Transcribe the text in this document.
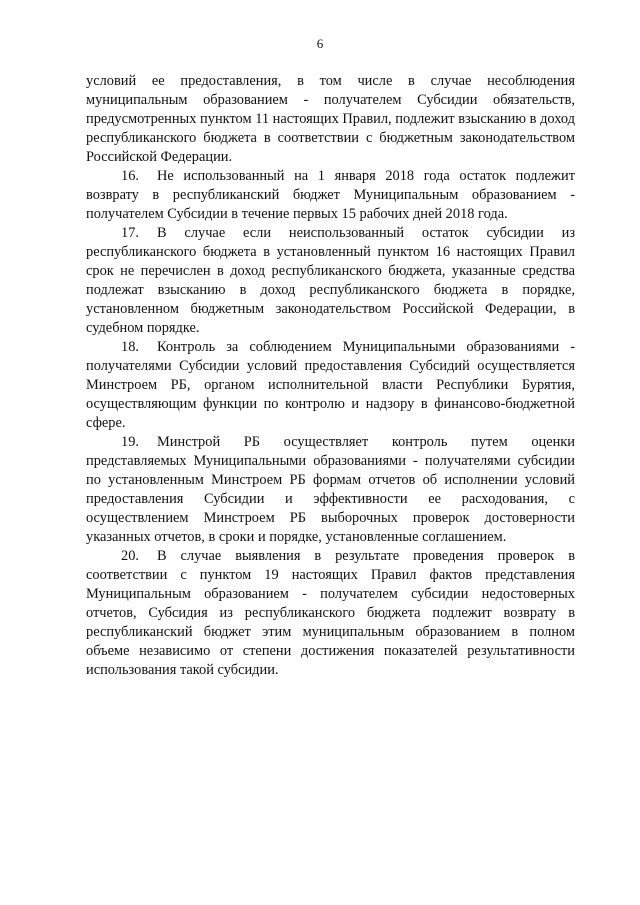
6

условий ее предоставления, в том числе в случае несоблюдения муниципальным образованием - получателем Субсидии обязательств, предусмотренных пунктом 11 настоящих Правил, подлежит взысканию в доход республиканского бюджета в соответствии с бюджетным законодательством Российской Федерации.

16. Не использованный на 1 января 2018 года остаток подлежит возврату в республиканский бюджет Муниципальным образованием - получателем Субсидии в течение первых 15 рабочих дней 2018 года.

17. В случае если неиспользованный остаток субсидии из республиканского бюджета в установленный пунктом 16 настоящих Правил срок не перечислен в доход республиканского бюджета, указанные средства подлежат взысканию в доход республиканского бюджета в порядке, установленном бюджетным законодательством Российской Федерации, в судебном порядке.

18. Контроль за соблюдением Муниципальными образованиями - получателями Субсидии условий предоставления Субсидий осуществляется Минстроем РБ, органом исполнительной власти Республики Бурятия, осуществляющим функции по контролю и надзору в финансово-бюджетной сфере.

19. Минстрой РБ осуществляет контроль путем оценки представляемых Муниципальными образованиями - получателями субсидии по установленным Минстроем РБ формам отчетов об исполнении условий предоставления Субсидии и эффективности ее расходования, с осуществлением Минстроем РБ выборочных проверок достоверности указанных отчетов, в сроки и порядке, установленные соглашением.

20. В случае выявления в результате проведения проверок в соответствии с пунктом 19 настоящих Правил фактов представления Муниципальным образованием - получателем субсидии недостоверных отчетов, Субсидия из республиканского бюджета подлежит возврату в республиканский бюджет этим муниципальным образованием в полном объеме независимо от степени достижения показателей результативности использования такой субсидии.
